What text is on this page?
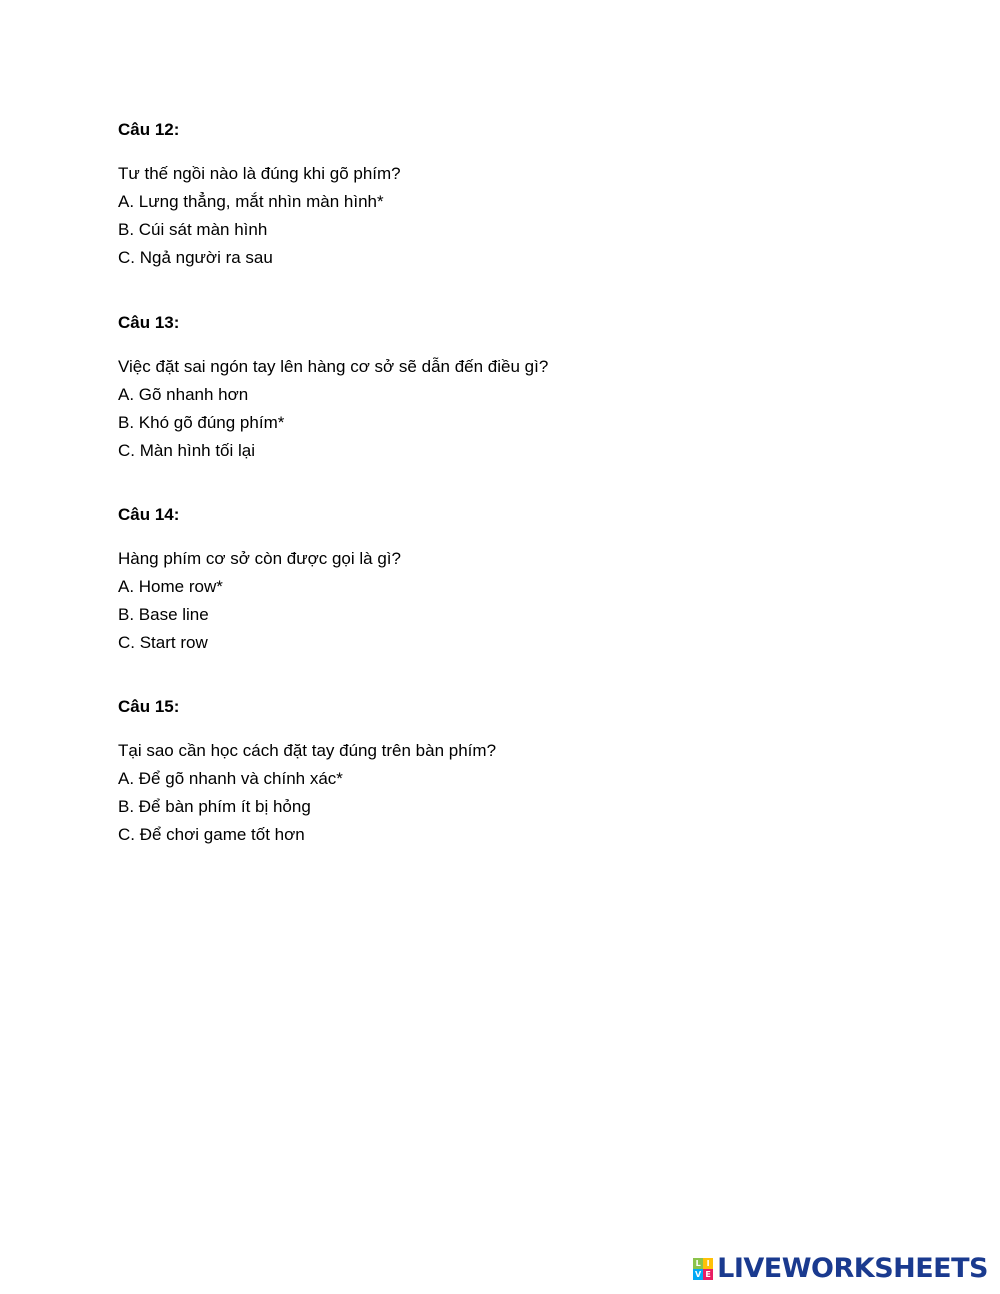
Câu 12:
Tư thế ngồi nào là đúng khi gõ phím?
A. Lưng thẳng, mắt nhìn màn hình*
B. Cúi sát màn hình
C. Ngả người ra sau
Câu 13:
Việc đặt sai ngón tay lên hàng cơ sở sẽ dẫn đến điều gì?
A. Gõ nhanh hơn
B. Khó gõ đúng phím*
C. Màn hình tối lại
Câu 14:
Hàng phím cơ sở còn được gọi là gì?
A. Home row*
B. Base line
C. Start row
Câu 15:
Tại sao cần học cách đặt tay đúng trên bàn phím?
A. Để gõ nhanh và chính xác*
B. Để bàn phím ít bị hỏng
C. Để chơi game tốt hơn
L I
V E LIVEWORKSHEETS
